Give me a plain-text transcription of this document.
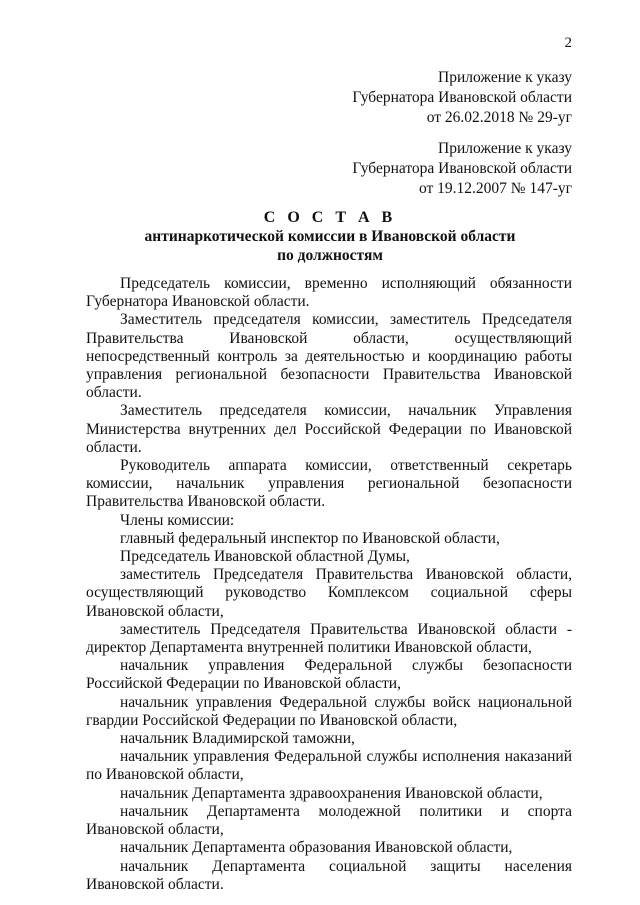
2
Приложение к указу
Губернатора Ивановской области
от 26.02.2018 № 29-уг
Приложение к указу
Губернатора Ивановской области
от 19.12.2007 № 147-уг
С О С Т А В
антинаркотической комиссии в Ивановской области
по должностям

Председатель комиссии, временно исполняющий обязанности Губернатора Ивановской области.

Заместитель председателя комиссии, заместитель Председателя Правительства Ивановской области, осуществляющий непосредственный контроль за деятельностью и координацию работы управления региональной безопасности Правительства Ивановской области.

Заместитель председателя комиссии, начальник Управления Министерства внутренних дел Российской Федерации по Ивановской области.

Руководитель аппарата комиссии, ответственный секретарь комиссии, начальник управления региональной безопасности Правительства Ивановской области.

Члены комиссии:

главный федеральный инспектор по Ивановской области,

Председатель Ивановской областной Думы,

заместитель Председателя Правительства Ивановской области, осуществляющий руководство Комплексом социальной сферы Ивановской области,

заместитель Председателя Правительства Ивановской области - директор Департамента внутренней политики Ивановской области,

начальник управления Федеральной службы безопасности Российской Федерации по Ивановской области,

начальник управления Федеральной службы войск национальной гвардии Российской Федерации по Ивановской области,

начальник Владимирской таможни,

начальник управления Федеральной службы исполнения наказаний по Ивановской области,

начальник Департамента здравоохранения Ивановской области,

начальник Департамента молодежной политики и спорта Ивановской области,

начальник Департамента образования Ивановской области,

начальник Департамента социальной защиты населения Ивановской области.
